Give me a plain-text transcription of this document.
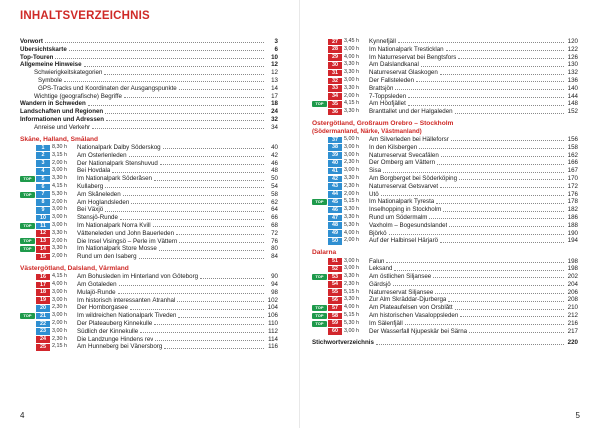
INHALTSVERZEICHNIS
Vorwort	3
Übersichtskarte	6
Top-Touren	10
Allgemeine Hinweise	12
Schwierigkeitskategorien	12
Symbole	13
GPS-Tracks und Koordinaten der Ausgangspunkte	14
Wichtige (geografische) Begriffe	17
Wandern in Schweden	18
Landschaften und Regionen	24
Informationen und Adressen	32
Anreise und Verkehr	34
Skåne, Halland, Småland
1	8,30 h	Nationalpark Dalby Söderskog	40
2	3,15 h	Am Österlenleden	42
3	2,00 h	Der Nationalpark Stenshuvud	46
4	3,00 h	Bei Hovdala	48
TOP	5	3,30 h	Im Nationalpark Söderåsen	50
6	4,15 h	Kullaberg	54
TOP	7	5,30 h	Am Skåneleden	58
8	2,00 h	Am Hoglandsleden	62
9	3,00 h	Bei Växjö	64
10	3,00 h	Stensjö-Runde	66
TOP	11	3,00 h	Im Nationalpark Norra Kvill	68
12	3,30 h	Vätteneleden und John Bauerleden	72
TOP	13	2,00 h	Die Insel Visingsö – Perle im Vättern	76
TOP	14	3,30 h	Im Nationalpark Store Mosse	80
15	2,00 h	Rund um den Isaberg	84
Västergötland, Dalsland, Värmland
16	4,15 h	Am Bohusleden im Hinterland von Göteborg	90
17	4,00 h	Am Gotaleden	94
18	3,00 h	Mulajö-Runde	98
19	3,00 h	Im historisch interessanten Ätranhal	102
20	2,30 h	Der Hornborgasee	104
TOP	21	3,00 h	Im wildreichen Nationalpark Tiveden	106
22	2,00 h	Der Plateauberg Kinnekulle	110
23	3,00 h	Südlich der Kinnekulle	112
24	2,30 h	Die Landzunge Hindens rev	114
25	2,15 h	Am Hunneberg bei Vänersborg	116
4
27	3,45 h	Kynnefjäll	120
28	3,00 h	Im Nationalpark Tresticklan	122
29	4,00 h	Im Naturreservat bei Bengtsfors	126
30	3,30 h	Am Dalslandkanal	130
31	3,30 h	Naturreservat Glaskogen	132
32	3,00 h	Der Fallsteleden	136
33	3,30 h	Brattsjön	140
34	2,00 h	7-Toppsleden	144
TOP	35	4,15 h	Am Höofjället	148
36	3,30 h	Branttallet und der Halgaleden	152
Östergötland, Großraum Orebro – Stockholm
(Södermanland, Närke, Västmanland)
37	5,00 h	Am Silverleden bei Hälleforsr	156
38	3,00 h	In den Kilsbergen	158
39	3,00 h	Naturreservat Svecafälen	162
40	2,30 h	Der Omberg am Vättern	166
41	3,00 h	Sisa	167
42	3,30 h	Am Borgberget bei Söderköping	170
43	2,30 h	Naturreservat Getsvarvet	172
44	2,00 h	Utö	176
TOP	45	5,15 h	Im Nationalpark Tyresta	178
46	3,30 h	Inselhopping in Stockholm	182
47	3,30 h	Rund um Södermalm	186
48	5,30 h	Vaxholm – Bogesundslandet	188
49	4,00 h	Björkö	190
50	2,00 h	Auf der Halbinsel Härjarö	194
Dalarna
51	3,00 h	Falun	198
52	3,00 h	Leksand	198
TOP	53	3,30 h	Am östlichen Siljansee	202
54	2,30 h	Gärdsjö	204
55	5,15 h	Naturreservat Siljansee	206
56	3,30 h	Zur Alm Skräddar-Djurberga	208
TOP	57	4,00 h	Am Plateaufelsen von Orsblått	210
TOP	58	5,15 h	Am historischen Vasaloppsleden	212
TOP	59	5,30 h	Im Sälenfjäll	216
60	3,00 h	Der Wasserfall Njupeskär bei Särna	217
Stichwortverzeichnis	220
5
